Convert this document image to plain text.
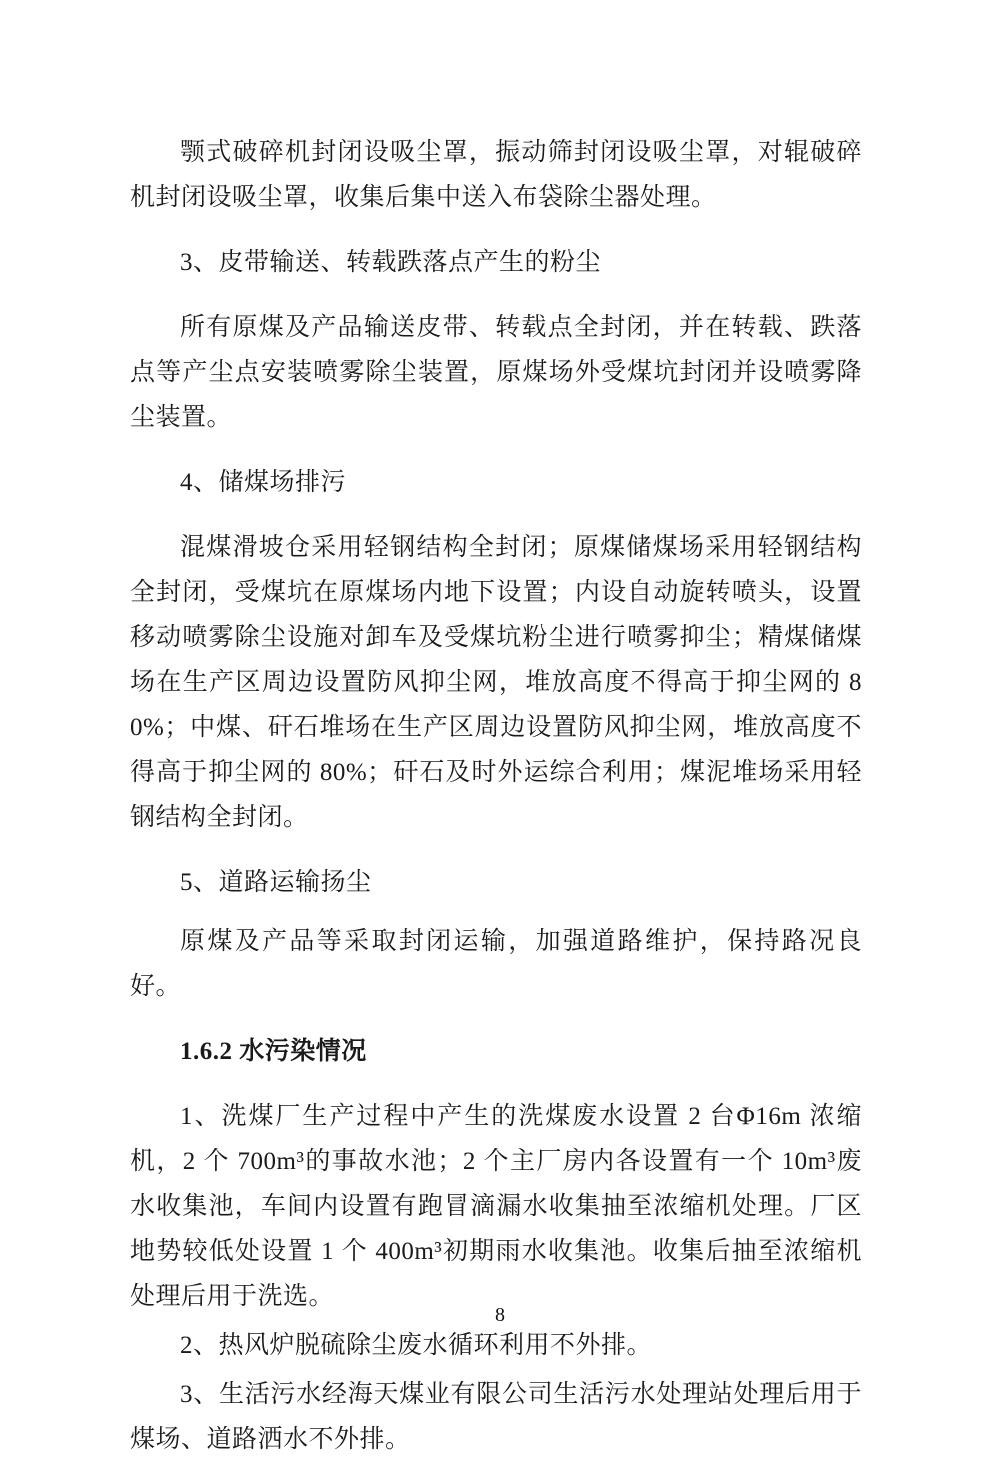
颚式破碎机封闭设吸尘罩，振动筛封闭设吸尘罩，对辊破碎机封闭设吸尘罩，收集后集中送入布袋除尘器处理。

3、皮带输送、转载跌落点产生的粉尘

所有原煤及产品输送皮带、转载点全封闭，并在转载、跌落点等产尘点安装喷雾除尘装置，原煤场外受煤坑封闭并设喷雾降尘装置。

4、储煤场排污

混煤滑坡仓采用轻钢结构全封闭；原煤储煤场采用轻钢结构全封闭，受煤坑在原煤场内地下设置；内设自动旋转喷头，设置移动喷雾除尘设施对卸车及受煤坑粉尘进行喷雾抑尘；精煤储煤场在生产区周边设置防风抑尘网，堆放高度不得高于抑尘网的 80%；中煤、矸石堆场在生产区周边设置防风抑尘网，堆放高度不得高于抑尘网的 80%；矸石及时外运综合利用；煤泥堆场采用轻钢结构全封闭。

5、道路运输扬尘

原煤及产品等采取封闭运输，加强道路维护，保持路况良好。

1.6.2 水污染情况

1、洗煤厂生产过程中产生的洗煤废水设置 2 台Φ16m 浓缩机，2 个 700m³的事故水池；2 个主厂房内各设置有一个 10m³废水收集池，车间内设置有跑冒滴漏水收集抽至浓缩机处理。厂区地势较低处设置 1 个 400m³初期雨水收集池。收集后抽至浓缩机处理后用于洗选。

2、热风炉脱硫除尘废水循环利用不外排。

3、生活污水经海天煤业有限公司生活污水处理站处理后用于煤场、道路洒水不外排。

8
